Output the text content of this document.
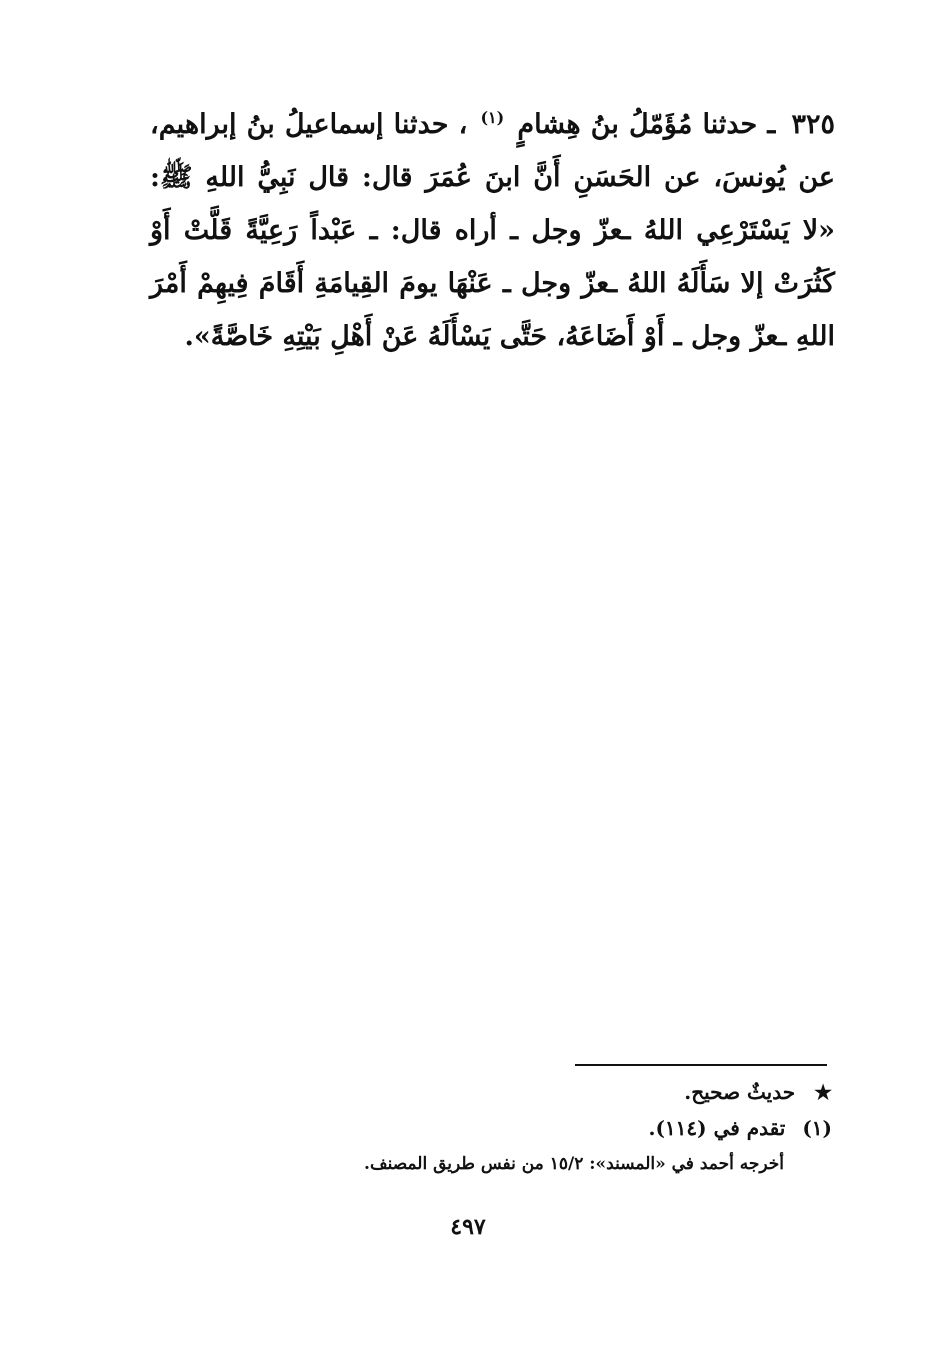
٣٢٥ ـ حدثنا مُؤَمّلُ بنُ هِشامٍ $^{(١)}$ ، حدثنا إسماعيلُ بنُ إبراهيم، عن يُونسَ، عن الحَسَنِ أَنَّ ابنَ عُمَرَ قال: قال نَبِيُّ اللهِ ﷺ: «لا يَسْتَرْعِي اللهُ ـعزّ وجل ـ أراه قال: ـ عَبْداً رَعِيَّةً قَلَّتْ أَوْ كَثُرَتْ إلا سَأَلَهُ اللهُ ـعزّ وجل ـ عَنْهَا يومَ القِيامَةِ أَقَامَ فِيهِمْ أَمْرَ اللهِ ـعزّ وجل ـ أَوْ أَضَاعَهُ، حَتَّى يَسْأَلَهُ عَنْ أَهْلِ بَيْتِهِ خَاصَّةً».
★ حديثٌ صحيح.
(١) تقدم في (١١٤).
أخرجه أحمد في «المسند»: ١٥/٢ من نفس طريق المصنف.
٤٩٧
